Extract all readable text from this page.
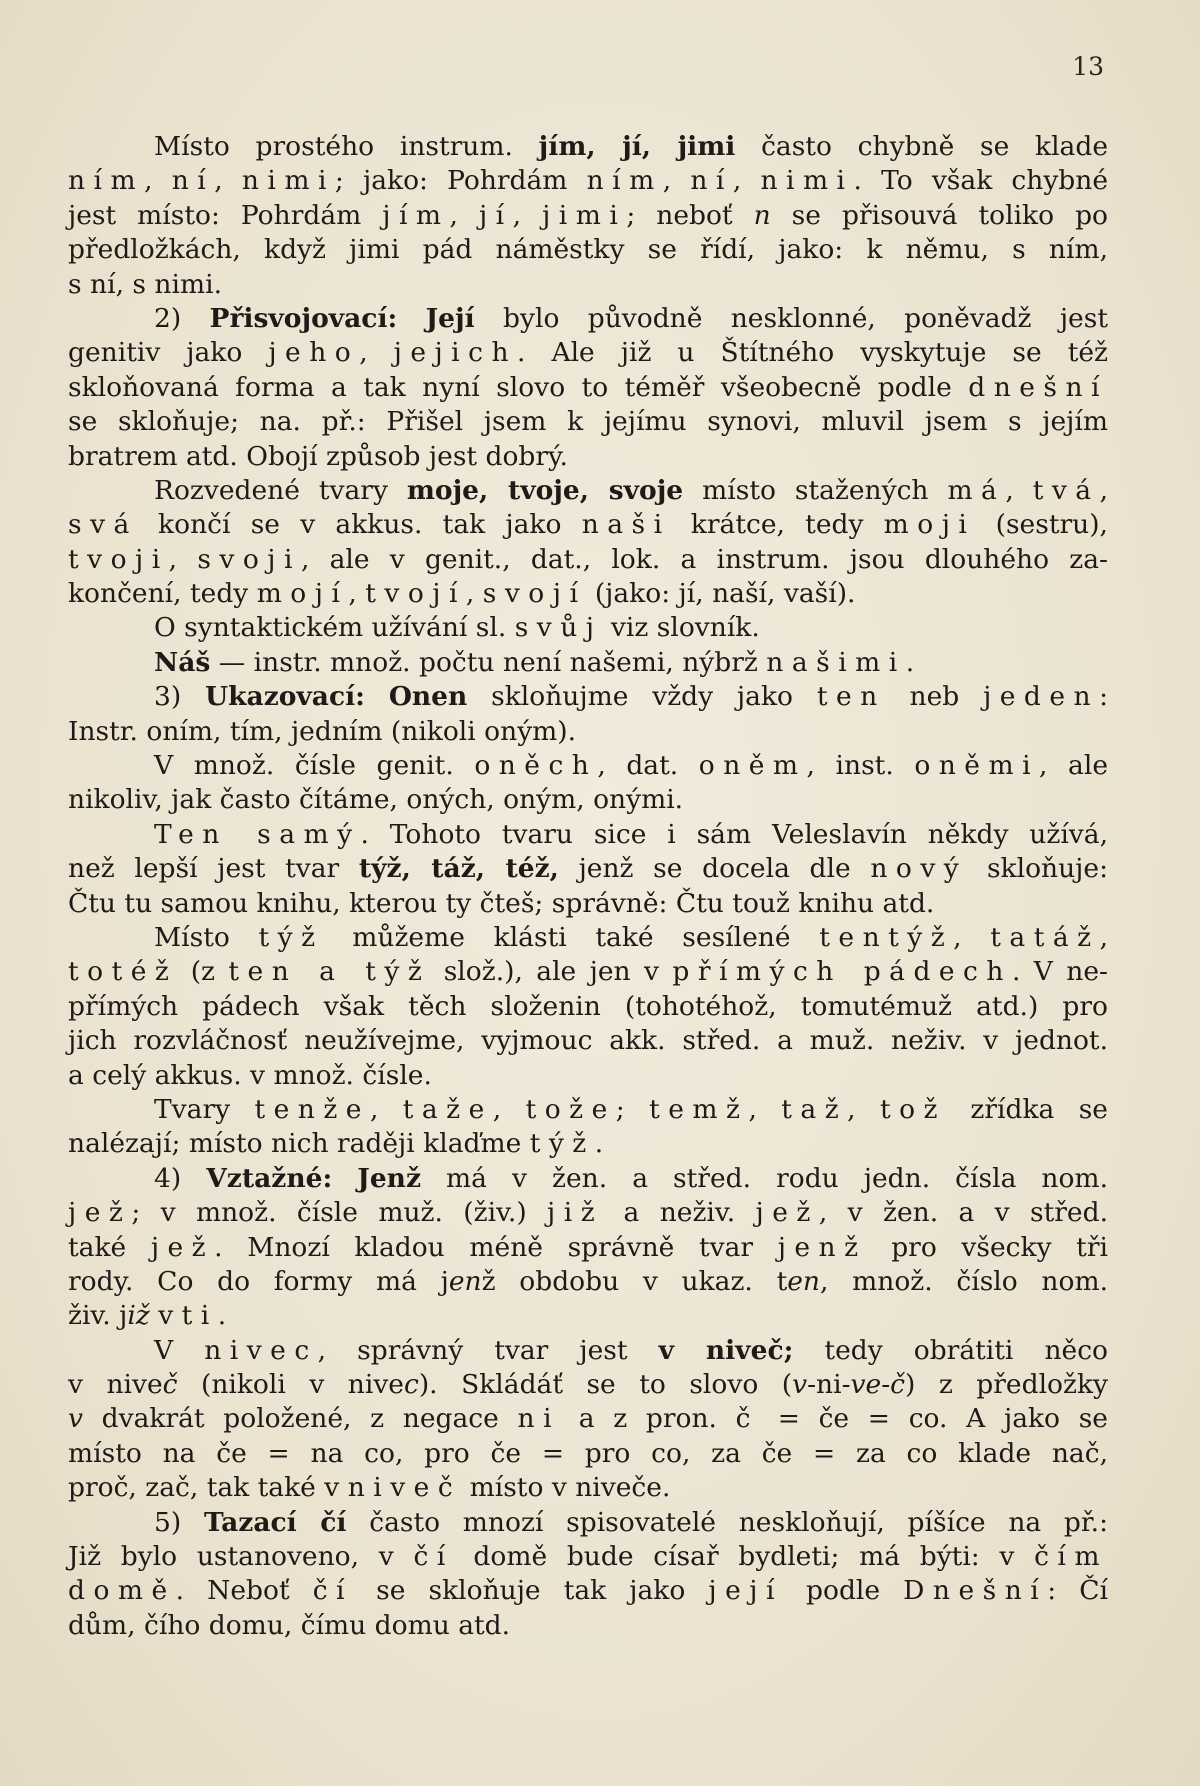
13
Místo prostého instrum. jím, jí, jimi často chybně se klade
ním, ní, nimi; jako: Pohrdám ním, ní, nimi. To však chybné
jest místo: Pohrdám jím, jí, jimi; neboť n se přisouvá toliko po
předložkách, když jimi pád náměstky se řídí, jako: k němu, s ním,
s ní, s nimi.
2) Přisvojovací: Její bylo původně nesklonné, poněvadž jest
genitiv jako jeho, jejich. Ale již u Štítného vyskytuje se též
skloňovaná forma a tak nyní slovo to téměř všeobecně podle dnešní
se skloňuje; na. př.: Přišel jsem k jejímu synovi, mluvil jsem s jejím
bratrem atd. Obojí způsob jest dobrý.
Rozvedené tvary moje, tvoje, svoje místo stažených má, tvá,
svá končí se v akkus. tak jako naši krátce, tedy moji (sestru),
tvoji, svoji, ale v genit., dat., lok. a instrum. jsou dlouhého za-
končení, tedy mojí, tvojí, svojí (jako: jí, naší, vaší).
O syntaktickém užívání sl. svůj viz slovník.
Náš — instr. množ. počtu není našemi, nýbrž našimi.
3) Ukazovací: Onen skloňujme vždy jako ten neb jeden:
Instr. oním, tím, jedním (nikoli oným).
V množ. čísle genit. oněch, dat. oněm, inst. oněmi, ale
nikoliv, jak často čítáme, oných, oným, onými.
Ten samý. Tohoto tvaru sice i sám Veleslavín někdy užívá,
než lepší jest tvar týž, táž, též, jenž se docela dle nový skloňuje:
Čtu tu samou knihu, kterou ty čteš; správně: Čtu touž knihu atd.
Místo týž můžeme klásti také sesílené tentýž, tatáž,
totéž (z ten a týž slož.), ale jen v přímých pádech. V ne-
přímých pádech však těch složenin (tohotéhož, tomutémuž atd.) pro
jich rozvláčnosť neužívejme, vyjmouc akk. střed. a muž. neživ. v jednot.
a celý akkus. v množ. čísle.
Tvary tenže, taže, tože; temž, taž, tož zřídka se
nalézají; místo nich raději klaďme týž.
4) Vztažné: Jenž má v žen. a střed. rodu jedn. čísla nom.
jež; v množ. čísle muž. (živ.) již a neživ. jež, v žen. a v střed.
také jež. Mnozí kladou méně správně tvar jenž pro všecky tři
rody. Co do formy má jenž obdobu v ukaz. ten, množ. číslo nom.
živ. již v ti.
V nivec, správný tvar jest v niveč; tedy obrátiti něco
v niveč (nikoli v nivec). Skládáť se to slovo (v-ni-ve-č) z předložky
v dvakrát položené, z negace ni a z pron. č = če = co. A jako se
místo na če = na co, pro če = pro co, za če = za co klade nač,
proč, zač, tak také vniveč místo v niveče.
5) Tazací čí často mnozí spisovatelé neskloňují, píšíce na př.:
Již bylo ustanoveno, v čí domě bude císař bydleti; má býti: v čím
domě. Neboť čí se skloňuje tak jako její podle Dnešní: Čí
dům, čího domu, čímu domu atd.
